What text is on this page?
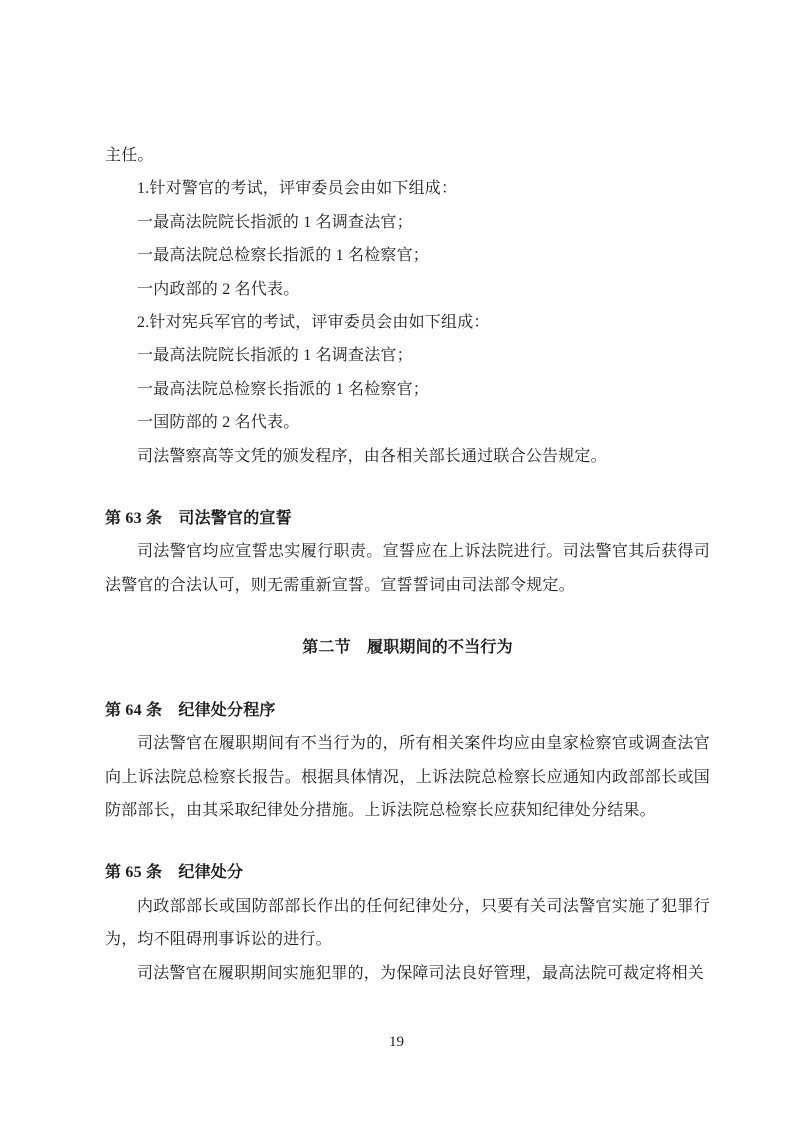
主任。

1.针对警官的考试，评审委员会由如下组成：

一最高法院院长指派的 1 名调查法官；

一最高法院总检察长指派的 1 名检察官；

一内政部的 2 名代表。

2.针对宪兵军官的考试，评审委员会由如下组成：

一最高法院院长指派的 1 名调查法官；

一最高法院总检察长指派的 1 名检察官；

一国防部的 2 名代表。

司法警察高等文凭的颁发程序，由各相关部长通过联合公告规定。

第 63 条　司法警官的宣誓

司法警官均应宣誓忠实履行职责。宣誓应在上诉法院进行。司法警官其后获得司法警官的合法认可，则无需重新宣誓。宣誓誓词由司法部令规定。

第二节　履职期间的不当行为

第 64 条　纪律处分程序

司法警官在履职期间有不当行为的，所有相关案件均应由皇家检察官或调查法官向上诉法院总检察长报告。根据具体情况，上诉法院总检察长应通知内政部部长或国防部部长，由其采取纪律处分措施。上诉法院总检察长应获知纪律处分结果。

第 65 条　纪律处分

内政部部长或国防部部长作出的任何纪律处分，只要有关司法警官实施了犯罪行为，均不阻碍刑事诉讼的进行。

司法警官在履职期间实施犯罪的，为保障司法良好管理，最高法院可裁定将相关

19
